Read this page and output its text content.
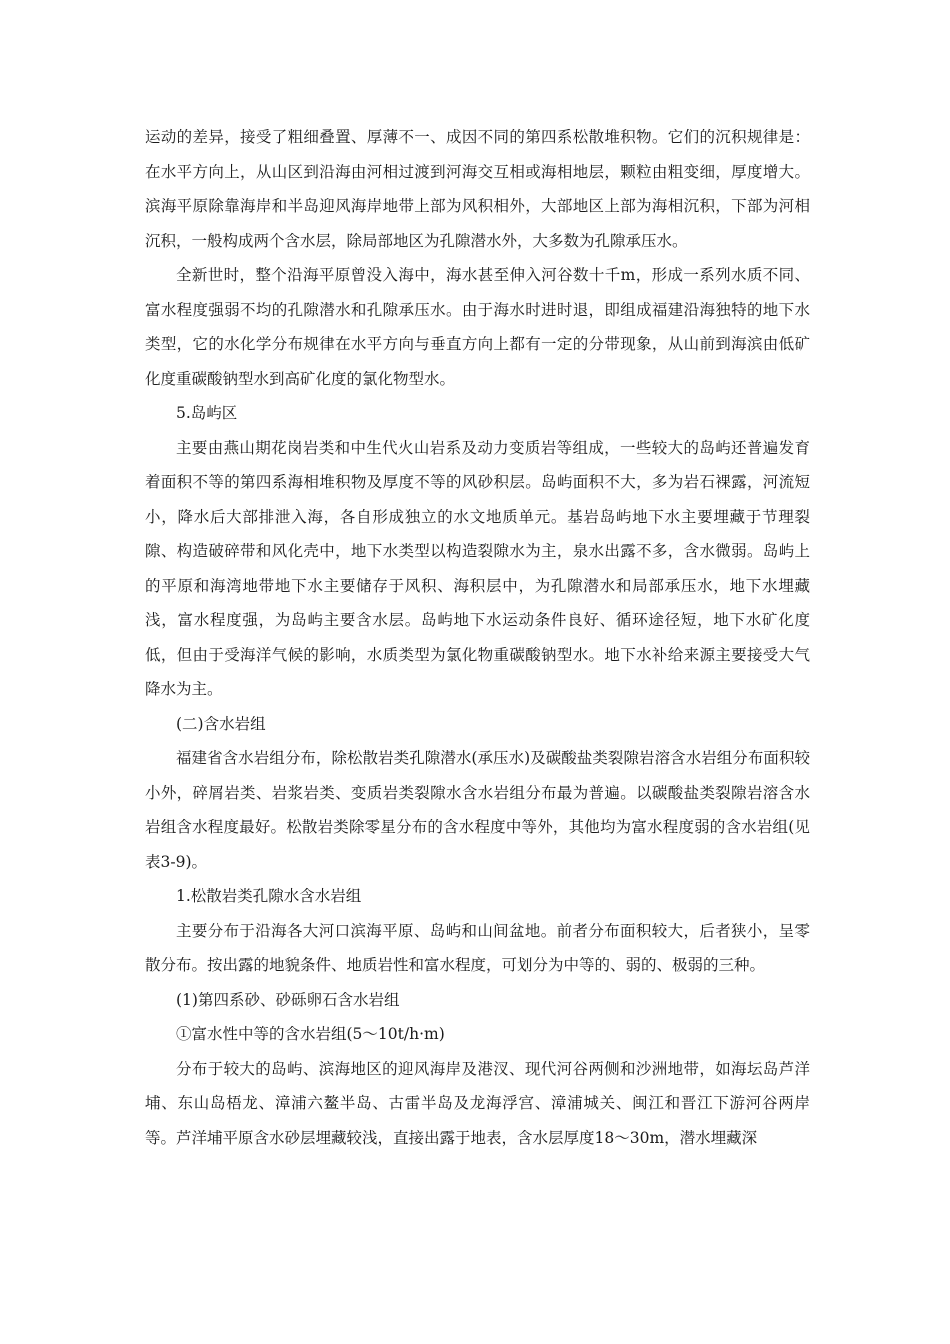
运动的差异，接受了粗细叠置、厚薄不一、成因不同的第四系松散堆积物。它们的沉积规律是：在水平方向上，从山区到沿海由河相过渡到河海交互相或海相地层，颗粒由粗变细，厚度增大。滨海平原除靠海岸和半岛迎风海岸地带上部为风积相外，大部地区上部为海相沉积，下部为河相沉积，一般构成两个含水层，除局部地区为孔隙潜水外，大多数为孔隙承压水。

全新世时，整个沿海平原曾没入海中，海水甚至伸入河谷数十千m，形成一系列水质不同、富水程度强弱不均的孔隙潜水和孔隙承压水。由于海水时进时退，即组成福建沿海独特的地下水类型，它的水化学分布规律在水平方向与垂直方向上都有一定的分带现象，从山前到海滨由低矿化度重碳酸钠型水到高矿化度的氯化物型水。

5.岛屿区

主要由燕山期花岗岩类和中生代火山岩系及动力变质岩等组成，一些较大的岛屿还普遍发育着面积不等的第四系海相堆积物及厚度不等的风砂积层。岛屿面积不大，多为岩石裸露，河流短小，降水后大部排泄入海，各自形成独立的水文地质单元。基岩岛屿地下水主要埋藏于节理裂隙、构造破碎带和风化壳中，地下水类型以构造裂隙水为主，泉水出露不多，含水微弱。岛屿上的平原和海湾地带地下水主要储存于风积、海积层中，为孔隙潜水和局部承压水，地下水埋藏浅，富水程度强，为岛屿主要含水层。岛屿地下水运动条件良好、循环途径短，地下水矿化度低，但由于受海洋气候的影响，水质类型为氯化物重碳酸钠型水。地下水补给来源主要接受大气降水为主。

(二)含水岩组

福建省含水岩组分布，除松散岩类孔隙潜水(承压水)及碳酸盐类裂隙岩溶含水岩组分布面积较小外，碎屑岩类、岩浆岩类、变质岩类裂隙水含水岩组分布最为普遍。以碳酸盐类裂隙岩溶含水岩组含水程度最好。松散岩类除零星分布的含水程度中等外，其他均为富水程度弱的含水岩组(见表3-9)。

1.松散岩类孔隙水含水岩组

主要分布于沿海各大河口滨海平原、岛屿和山间盆地。前者分布面积较大，后者狭小，呈零散分布。按出露的地貌条件、地质岩性和富水程度，可划分为中等的、弱的、极弱的三种。

(1)第四系砂、砂砾卵石含水岩组

①富水性中等的含水岩组(5～10t/h·m)

分布于较大的岛屿、滨海地区的迎风海岸及港汊、现代河谷两侧和沙洲地带，如海坛岛芦洋埔、东山岛梧龙、漳浦六鳌半岛、古雷半岛及龙海浮宫、漳浦城关、闽江和晋江下游河谷两岸等。芦洋埔平原含水砂层埋藏较浅，直接出露于地表，含水层厚度18～30m，潜水埋藏深
